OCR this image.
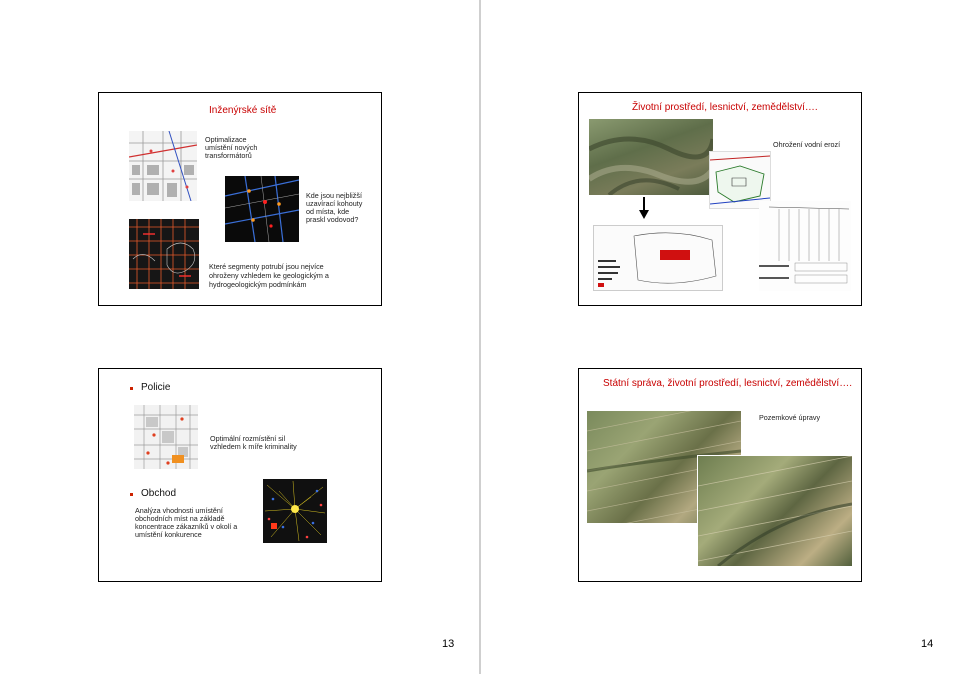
Inženýrské sítě
Optimalizace
umístění nových
transformátorů
Kde jsou nejbližší
uzavírací kohouty
od místa, kde
praskl vodovod?
Které segmenty potrubí jsou nejvíce
ohroženy vzhledem ke geologickým a
hydrogeologickým podmínkám
Policie
Optimální rozmístění sil
vzhledem k míře kriminality
Obchod
Analýza vhodnosti umístění
obchodních míst na základě
koncentrace zákazníků v okolí a
umístění konkurence
13
Životní prostředí, lesnictví, zemědělství….
Ohrožení vodní erozí
Státní správa, životní prostředí, lesnictví, zemědělství….
Pozemkové úpravy
14
